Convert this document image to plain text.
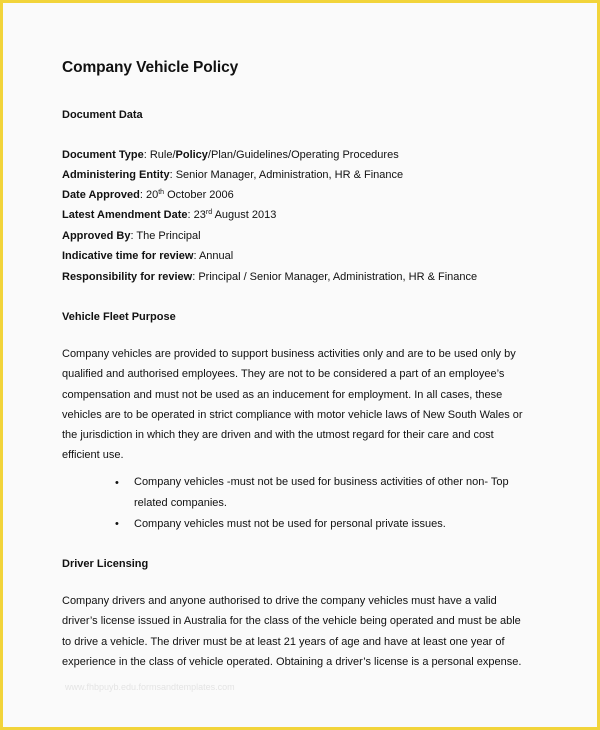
Company Vehicle Policy
Document Data
Document Type: Rule/Policy/Plan/Guidelines/Operating Procedures
Administering Entity: Senior Manager, Administration, HR & Finance
Date Approved: 20th October 2006
Latest Amendment Date: 23rd August 2013
Approved By: The Principal
Indicative time for review: Annual
Responsibility for review: Principal / Senior Manager, Administration, HR & Finance
Vehicle Fleet Purpose
Company vehicles are provided to support business activities only and are to be used only by
qualified and authorised employees. They are not to be considered a part of an employee’s
compensation and must not be used as an inducement for employment. In all cases, these
vehicles are to be operated in strict compliance with motor vehicle laws of New South Wales or
the jurisdiction in which they are driven and with the utmost regard for their care and cost
efficient use.
• Company vehicles -must not be used for business activities of other non- Top
related companies.
• Company vehicles must not be used for personal private issues.
Driver Licensing
Company drivers and anyone authorised to drive the company vehicles must have a valid
driver’s license issued in Australia for the class of the vehicle being operated and must be able
to drive a vehicle. The driver must be at least 21 years of age and have at least one year of
experience in the class of vehicle operated. Obtaining a driver’s license is a personal expense.
www.fhbpuyb.edu.formsandtemplates.com
